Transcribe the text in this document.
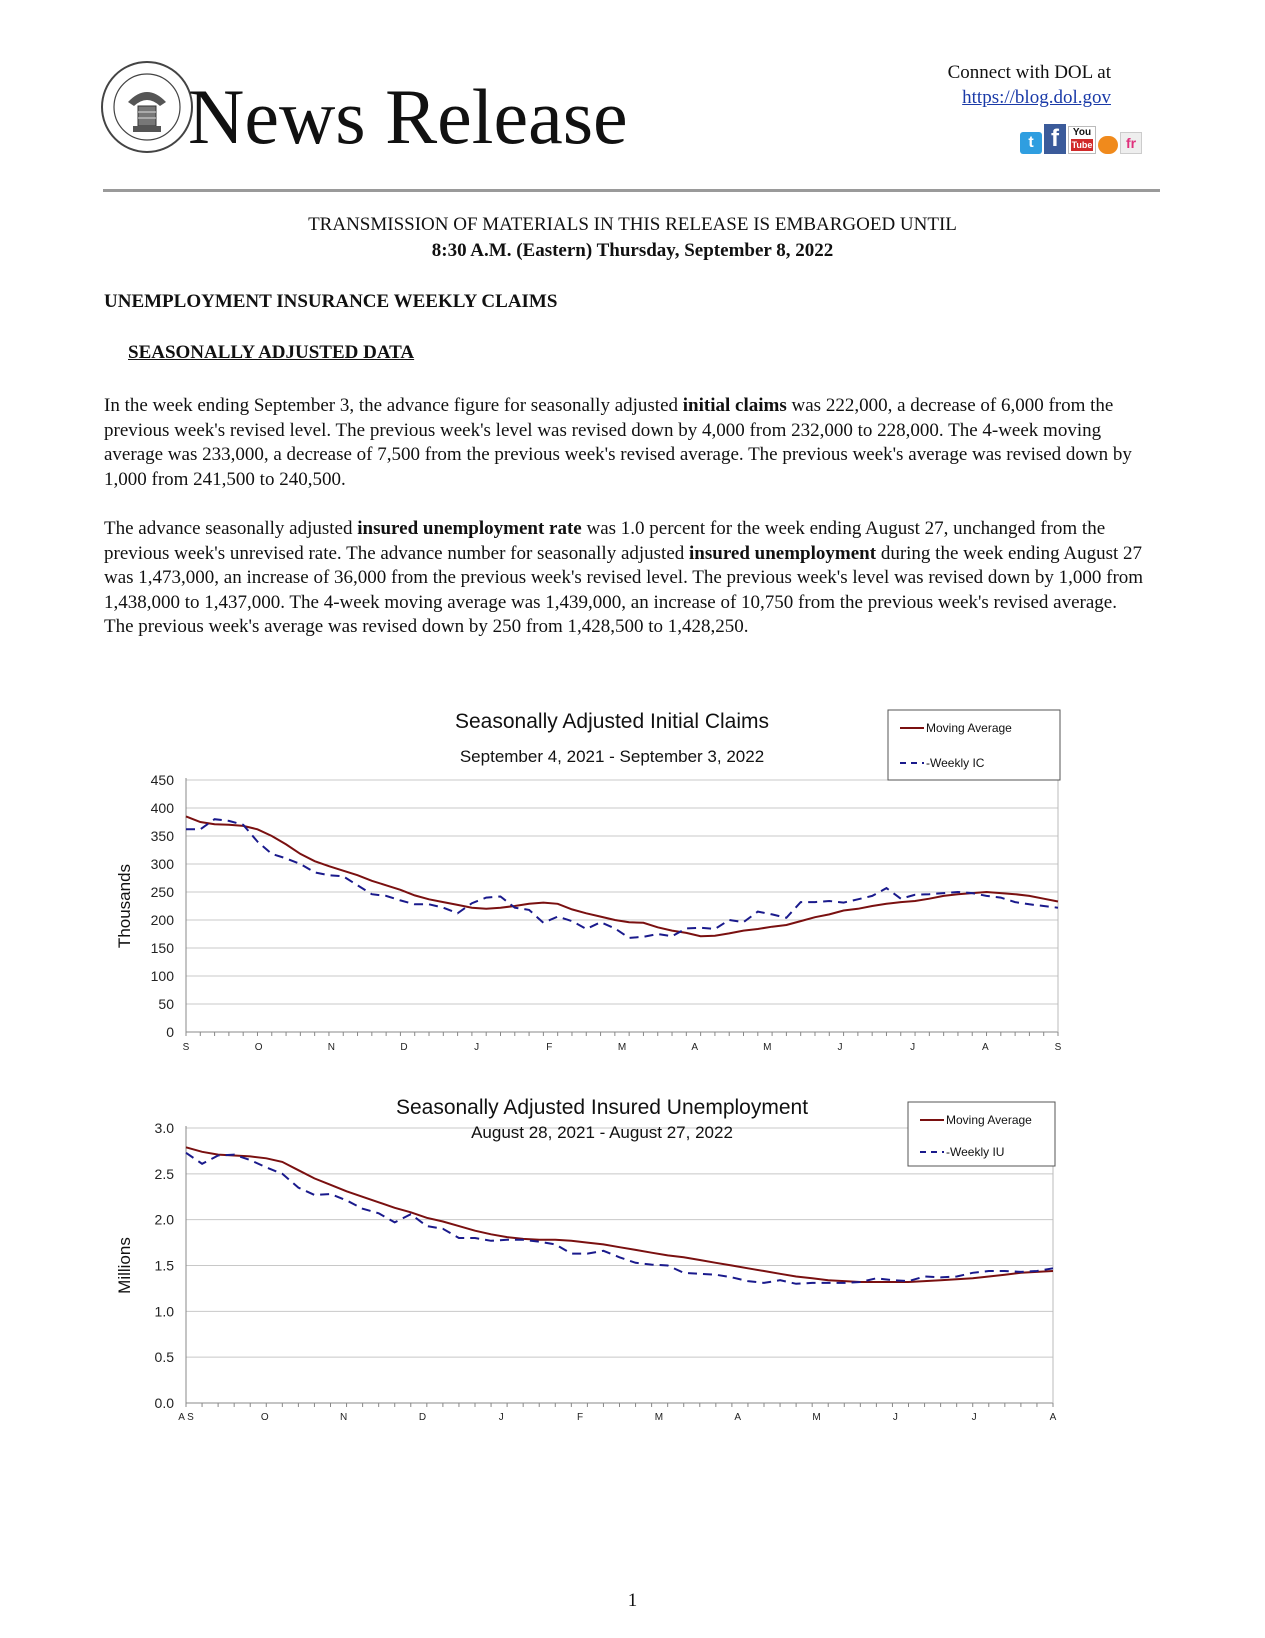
News Release
Connect with DOL at
https://blog.dol.gov
t f	You
Tube	fr
TRANSMISSION OF MATERIALS IN THIS RELEASE IS EMBARGOED UNTIL
8:30 A.M. (Eastern) Thursday, September 8, 2022
UNEMPLOYMENT INSURANCE WEEKLY CLAIMS
SEASONALLY ADJUSTED DATA
In the week ending September 3, the advance figure for seasonally adjusted initial claims was 222,000, a decrease of 6,000 from the previous week's revised level. The previous week's level was revised down by 4,000 from 232,000 to 228,000. The 4-week moving average was 233,000, a decrease of 7,500 from the previous week's revised average. The previous week's average was revised down by 1,000 from 241,500 to 240,500.
The advance seasonally adjusted insured unemployment rate was 1.0 percent for the week ending August 27, unchanged from the previous week's unrevised rate. The advance number for seasonally adjusted insured unemployment during the week ending August 27 was 1,473,000, an increase of 36,000 from the previous week's revised level. The previous week's level was revised down by 1,000 from 1,438,000 to 1,437,000. The 4-week moving average was 1,439,000, an increase of 10,750 from the previous week's revised average. The previous week's average was revised down by 250 from 1,428,500 to 1,428,250.
0
50
100
150
200
250
300
350
400
450
Thousands
S	O	N	D	J	F	M	A	M	J	J	A	S
Seasonally Adjusted Initial Claims
September 4, 2021 - September 3, 2022
Moving Average
-Weekly IC
0.0
0.5
1.0
1.5
2.0
2.5
3.0
Millions
A S	O	N	D	J	F	M	A	M	J	J	A
Seasonally Adjusted Insured Unemployment
August 28, 2021 - August 27, 2022
Moving Average
-Weekly IU
1
